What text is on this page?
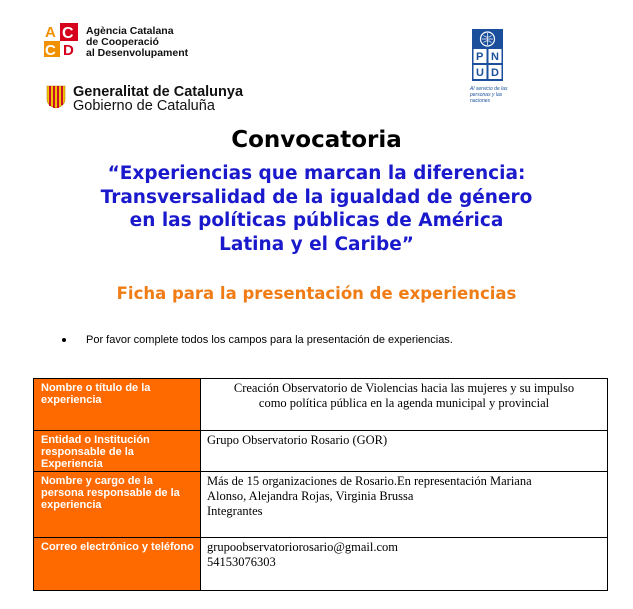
A C
C D
Agència Catalana
de Cooperació
al Desenvolupament	P N
U D
Al servicio de las personas y las naciones
Generalitat de Catalunya
Gobierno de Cataluña
Convocatoria
“Experiencias que marcan la diferencia:
Transversalidad de la igualdad de género
en las políticas públicas de América
Latina y el Caribe”
Ficha para la presentación de experiencias
Por favor complete todos los campos para la presentación de experiencias.
Nombre o título de la experiencia	Creación Observatorio de Violencias hacia las mujeres y su impulso
como política pública en la agenda municipal y provincial

Entidad o Institución responsable de la Experiencia	Grupo Observatorio Rosario (GOR)

Nombre y cargo de la persona responsable de la experiencia	Más de 15 organizaciones de Rosario.En representación Mariana
Alonso, Alejandra Rojas, Virginia Brussa
Integrantes

Correo electrónico y teléfono	grupoobservatoriorosario@gmail.com
54153076303
